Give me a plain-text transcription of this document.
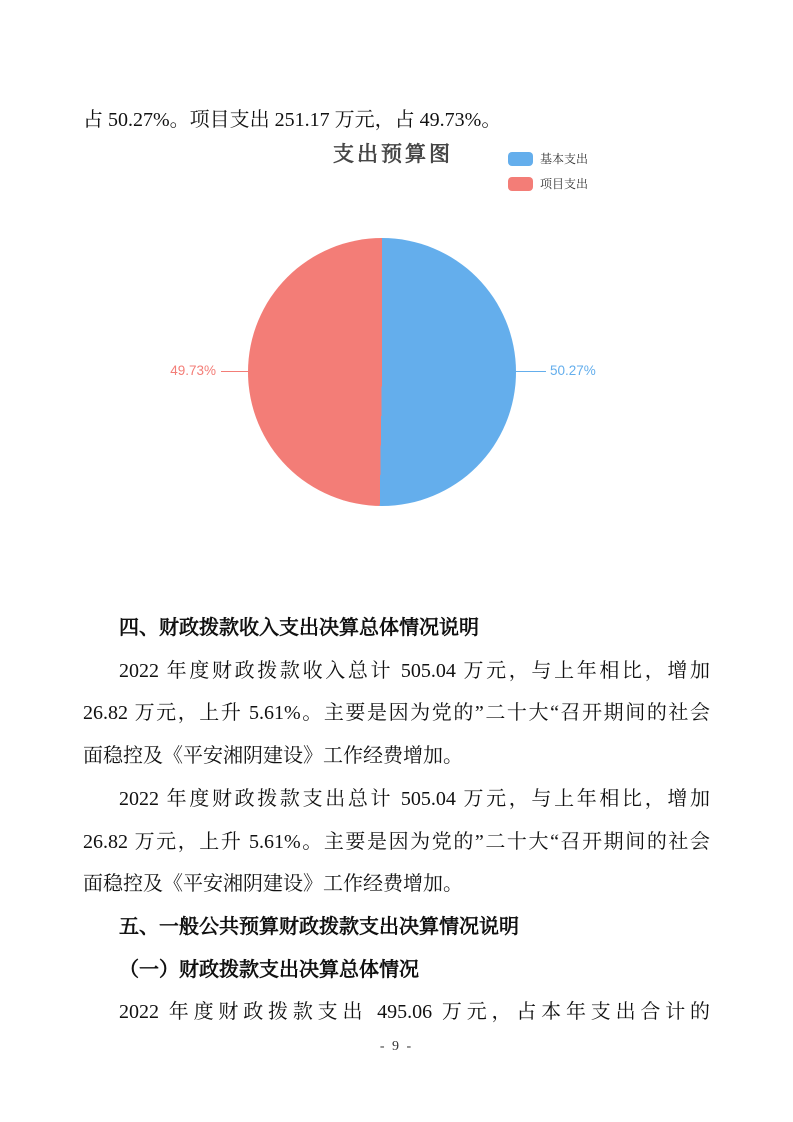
占 50.27%。项目支出 251.17 万元，占 49.73%。
支出预算图	基本支出
项目支出
49.73%	50.27%
四、财政拨款收入支出决算总体情况说明
2022 年度财政拨款收入总计 505.04 万元，与上年相比，增加
26.82 万元，上升 5.61%。主要是因为党的”二十大“召开期间的社会
面稳控及《平安湘阴建设》工作经费增加。
2022 年度财政拨款支出总计 505.04 万元，与上年相比，增加
26.82 万元，上升 5.61%。主要是因为党的”二十大“召开期间的社会
面稳控及《平安湘阴建设》工作经费增加。
五、一般公共预算财政拨款支出决算情况说明
（一）财政拨款支出决算总体情况
2022 年度财政拨款支出 495.06 万元，占本年支出合计的
- 9 -
